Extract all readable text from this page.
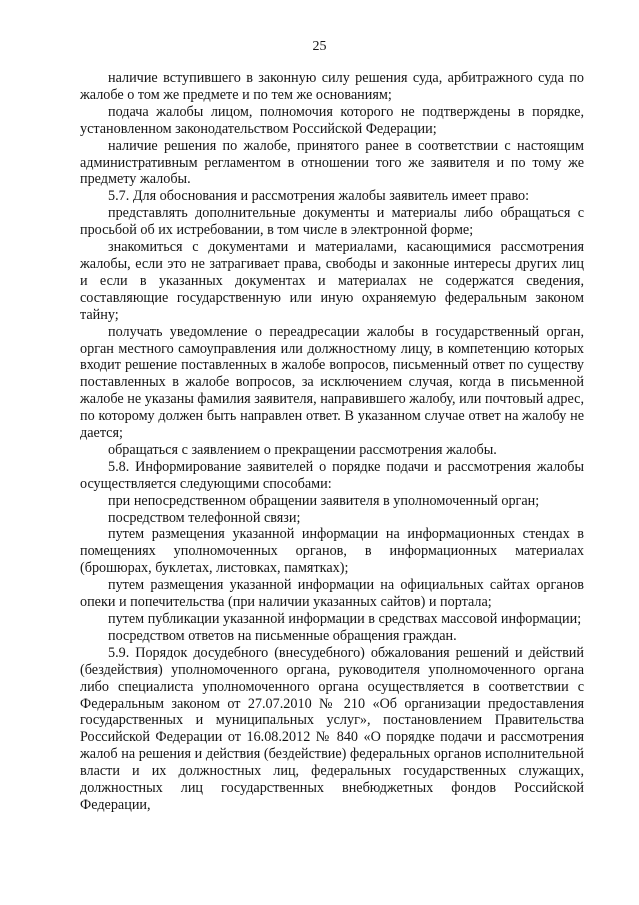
25

наличие вступившего в законную силу решения суда, арбитражного суда по жалобе о том же предмете и по тем же основаниям;

подача жалобы лицом, полномочия которого не подтверждены в порядке, установленном законодательством Российской Федерации;

наличие решения по жалобе, принятого ранее в соответствии с настоящим административным регламентом в отношении того же заявителя и по тому же предмету жалобы.

5.7. Для обоснования и рассмотрения жалобы заявитель имеет право:

представлять дополнительные документы и материалы либо обращаться с просьбой об их истребовании, в том числе в электронной форме;

знакомиться с документами и материалами, касающимися рассмотрения жалобы, если это не затрагивает права, свободы и законные интересы других лиц и если в указанных документах и материалах не содержатся сведения, составляющие государственную или иную охраняемую федеральным законом тайну;

получать уведомление о переадресации жалобы в государственный орган, орган местного самоуправления или должностному лицу, в компетенцию которых входит решение поставленных в жалобе вопросов, письменный ответ по существу поставленных в жалобе вопросов, за исключением случая, когда в письменной жалобе не указаны фамилия заявителя, направившего жалобу, или почтовый адрес, по которому должен быть направлен ответ. В указанном случае ответ на жалобу не дается;

обращаться с заявлением о прекращении рассмотрения жалобы.

5.8. Информирование заявителей о порядке подачи и рассмотрения жалобы осуществляется следующими способами:

при непосредственном обращении заявителя в уполномоченный орган;

посредством телефонной связи;

путем размещения указанной информации на информационных стендах в помещениях уполномоченных органов, в информационных материалах (брошюрах, буклетах, листовках, памятках);

путем размещения указанной информации на официальных сайтах органов опеки и попечительства (при наличии указанных сайтов) и портала;

путем публикации указанной информации в средствах массовой информации;

посредством ответов на письменные обращения граждан.

5.9. Порядок досудебного (внесудебного) обжалования решений и действий (бездействия) уполномоченного органа, руководителя уполномоченного органа либо специалиста уполномоченного органа осуществляется в соответствии с Федеральным законом от 27.07.2010 № 210 «Об организации предоставления государственных и муниципальных услуг», постановлением Правительства Российской Федерации от 16.08.2012 № 840 «О порядке подачи и рассмотрения жалоб на решения и действия (бездействие) федеральных органов исполнительной власти и их должностных лиц, федеральных государственных служащих, должностных лиц государственных внебюджетных фондов Российской Федерации,
